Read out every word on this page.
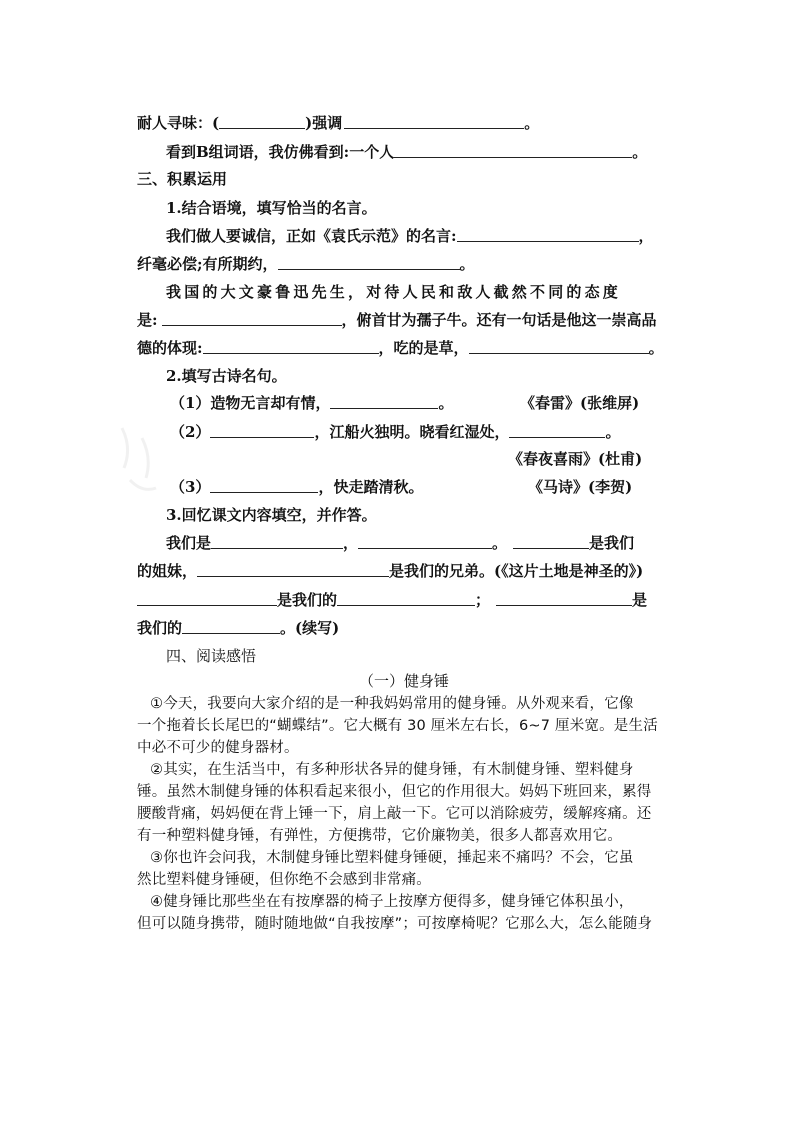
耐人寻味：(	)强调	。
看到B组词语，我仿佛看到:一个人	。
三、积累运用
1.结合语境，填写恰当的名言。
我们做人要诚信，正如《袁氏示范》的名言:	，
纤毫必偿;有所期约，	。
我国的大文豪鲁迅先生，对待人民和敌人截然不同的态度
是:	，俯首甘为孺子牛。还有一句话是他这一崇高品
德的体现:	，吃的是草，	。
2.填写古诗名句。
（1）造物无言却有情，	。	《春雷》(张维屏)
（2）	，江船火独明。晓看红湿处，	。
《春夜喜雨》(杜甫)
（3）	，快走踏清秋。	《马诗》(李贺)
3.回忆课文内容填空，并作答。
我们是	，	。	是我们
的姐妹，	是我们的兄弟。(《这片土地是神圣的》)
是我们的	；	是
我们的	。(续写)
四、阅读感悟
（一）健身锤
①今天，我要向大家介绍的是一种我妈妈常用的健身锤。从外观来看，它像
一个拖着长长尾巴的“蝴蝶结”。它大概有 30 厘米左右长，6~7 厘米宽。是生活
中必不可少的健身器材。
②其实，在生活当中，有多种形状各异的健身锤，有木制健身锤、塑料健身
锤。虽然木制健身锤的体积看起来很小，但它的作用很大。妈妈下班回来，累得
腰酸背痛，妈妈便在背上锤一下，肩上敲一下。它可以消除疲劳，缓解疼痛。还
有一种塑料健身锤，有弹性，方便携带，它价廉物美，很多人都喜欢用它。
③你也许会问我，木制健身锤比塑料健身锤硬，捶起来不痛吗？不会，它虽
然比塑料健身锤硬，但你绝不会感到非常痛。
④健身锤比那些坐在有按摩器的椅子上按摩方便得多，健身锤它体积虽小，
但可以随身携带，随时随地做“自我按摩”；可按摩椅呢？它那么大，怎么能随身
